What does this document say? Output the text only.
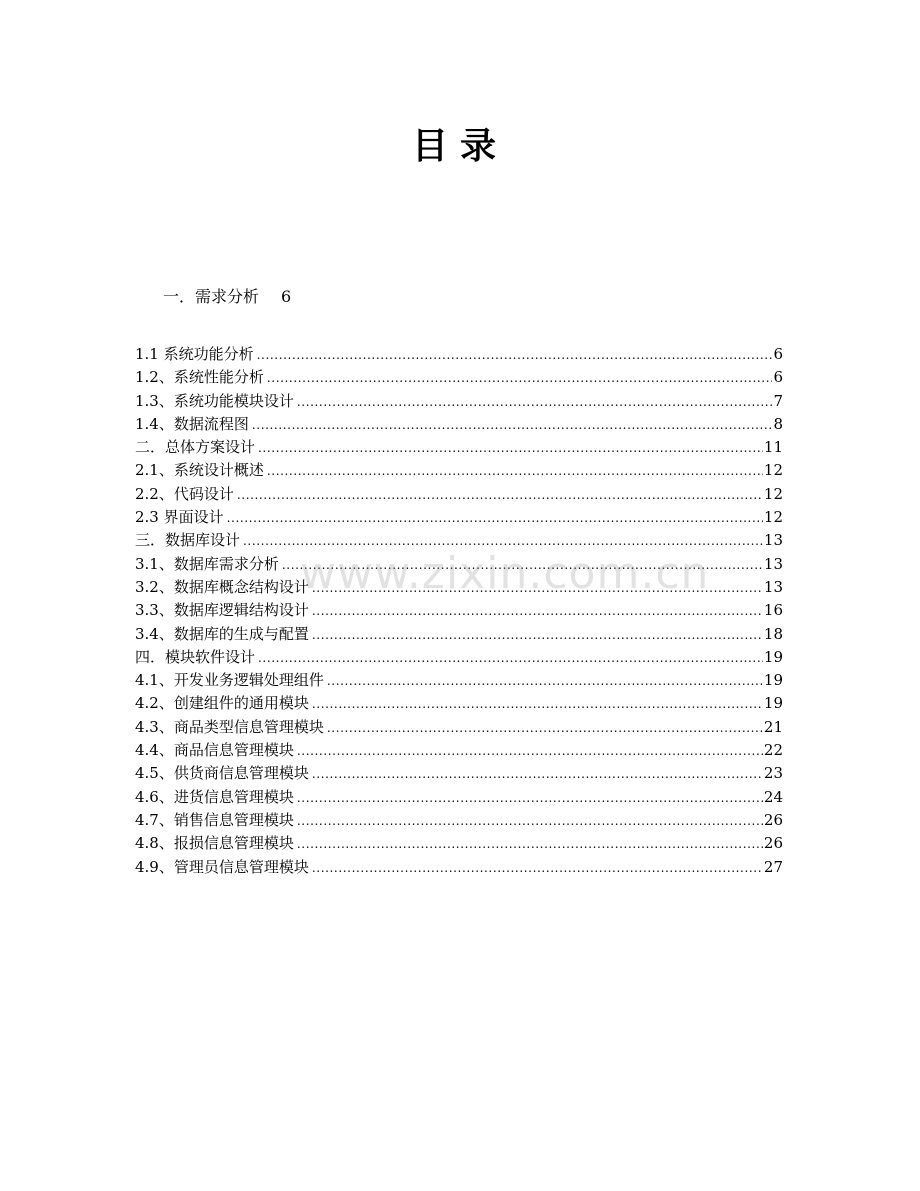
目录
一．需求分析 6
1.1 系统功能分析 .....	6
1.2、系统性能分析 .....	6
1.3、系统功能模块设计 .....	7
1.4、数据流程图 .....	8
二．总体方案设计 .....	11
2.1、系统设计概述 .....	12
2.2、代码设计 .....	12
2.3 界面设计 .....	12
三．数据库设计 .....	13
3.1、数据库需求分析 .....	13
3.2、数据库概念结构设计 .....	13
3.3、数据库逻辑结构设计 .....	16
3.4、数据库的生成与配置 .....	18
四．模块软件设计 .....	19
4.1、开发业务逻辑处理组件 .....	19
4.2、创建组件的通用模块 .....	19
4.3、商品类型信息管理模块 .....	21
4.4、商品信息管理模块 .....	22
4.5、供货商信息管理模块 .....	23
4.6、进货信息管理模块 .....	24
4.7、销售信息管理模块 .....	26
4.8、报损信息管理模块 .....	26
4.9、管理员信息管理模块 .....	27
www.zixin.com.cn
